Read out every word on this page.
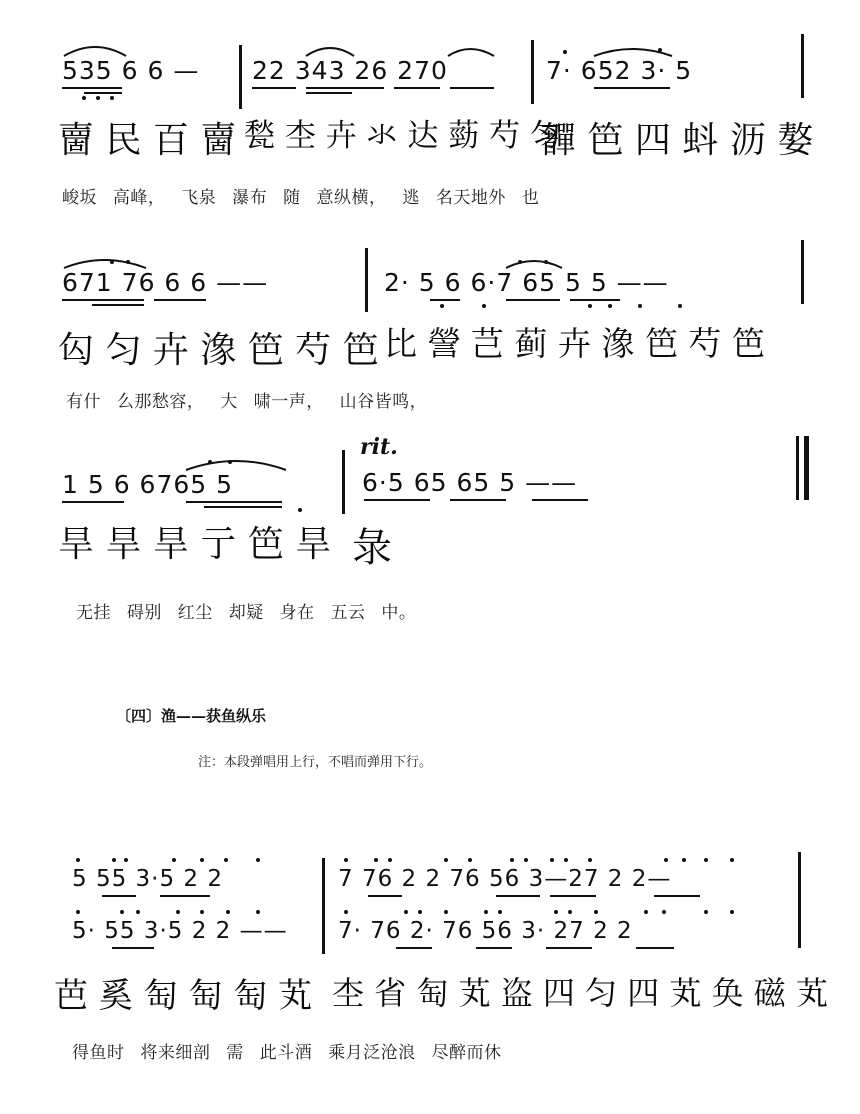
535 6 6 — 22 343 26 270	7· 652 3· 5
夁 民 百 夁 甃 杢 卉 氺 达 葝 芍 匀
奲 笆 四 蚪 沥 嫯
峻坂 高峰， 飞泉 瀑布 随 意纵横， 逃 名天地外 也
671 76 6 6 ——	2· 5 6 6·7 65 5 5 ——
匃 匀 卉 潒 笆 芍 笆 比 謍 芑 蓟 卉 潒 笆 芍 笆
有什 么那愁容， 大 啸一声， 山谷皆鸣，
rit.
1 5 6 6765 5	6·5 65 65 5 ——
旱 旱 旱 亍 笆 旱 彔
无挂 碍别 红尘 却疑 身在 五云 中。
〔四〕渔——获鱼纵乐
注：本段弹唱用上行，不唱而弹用下行。
5 55 3·5 2 2
5· 55 3·5 2 2 ——
7 76 2 2 76 56 3—27 2 2—
7· 76 2· 76 56 3· 27 2 2
芭 奚 匋 匋 匋 芄 杢 省 匋 芄 盗 四 匀 四 芄 奂 磁 芄
得鱼时 将来细剖 需 此斗酒 乘月泛沧浪 尽醉而休
